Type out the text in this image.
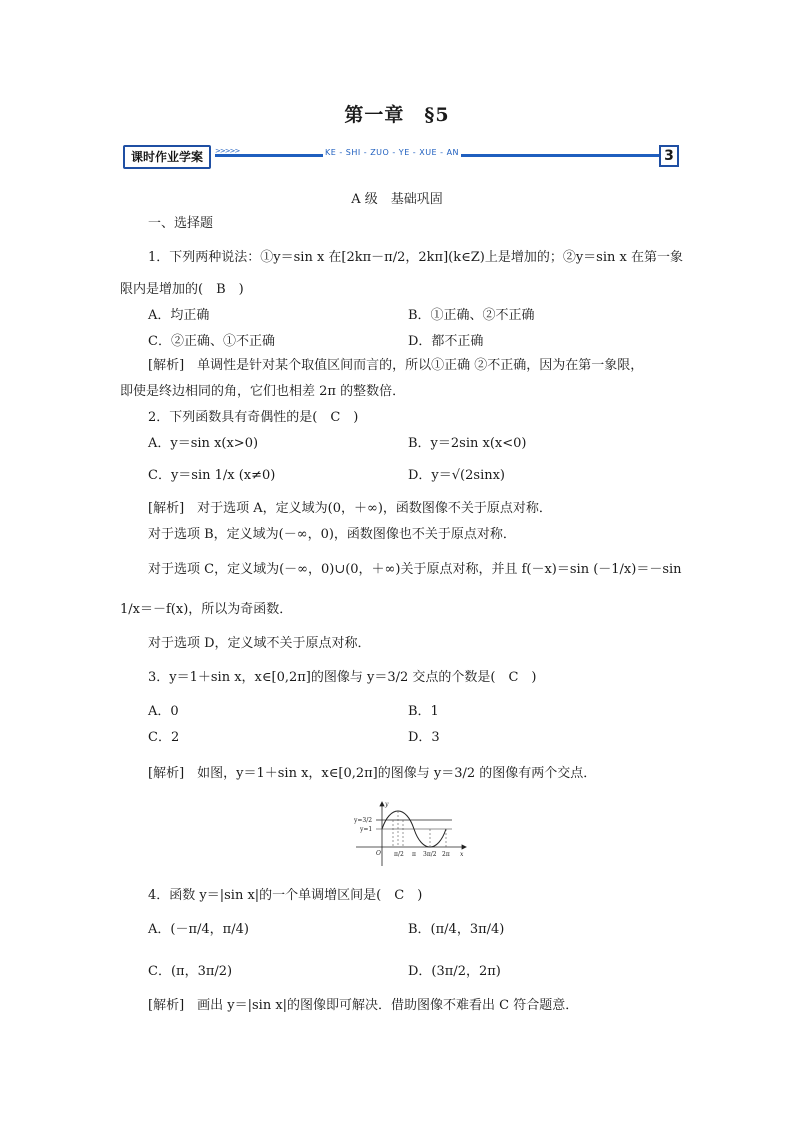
第一章　§5
>>>>>
课时作业学案	KE - SHI - ZUO - YE - XUE - AN	3
A 级　基础巩固
一、选择题
1．下列两种说法：①y＝sin x 在[2kπ－π/2，2kπ](k∈Z)上是增加的；②y＝sin x 在第一象
限内是增加的(　B　)
A．均正确	B．①正确、②不正确
C．②正确、①不正确	D．都不正确
[解析]　单调性是针对某个取值区间而言的，所以①正确 ②不正确，因为在第一象限，
即使是终边相同的角，它们也相差 2π 的整数倍．
2．下列函数具有奇偶性的是(　C　)
A．y＝sin x(x>0)	B．y＝2sin x(x<0)
C．y＝sin 1/x (x≠0)	D．y＝√(2sinx)
[解析]　对于选项 A，定义域为(0，＋∞)，函数图像不关于原点对称．
对于选项 B，定义域为(－∞，0)，函数图像也不关于原点对称．
对于选项 C，定义域为(－∞，0)∪(0，＋∞)关于原点对称，并且 f(－x)＝sin (－1/x)＝－sin
1/x＝－f(x)，所以为奇函数．
对于选项 D，定义域不关于原点对称．
3．y＝1＋sin x，x∈[0,2π]的图像与 y＝3/2 交点的个数是(　C　)
A．0	B．1
C．2	D．3
[解析]　如图，y＝1＋sin x，x∈[0,2π]的图像与 y＝3/2 的图像有两个交点．
y
x
y=3/2
y=1
O π/2 π 3π/2 2π
4．函数 y＝|sin x|的一个单调增区间是(　C　)
A．(－π/4，π/4)	B．(π/4，3π/4)
C．(π，3π/2)	D．(3π/2，2π)
[解析]　画出 y＝|sin x|的图像即可解决．借助图像不难看出 C 符合题意．
